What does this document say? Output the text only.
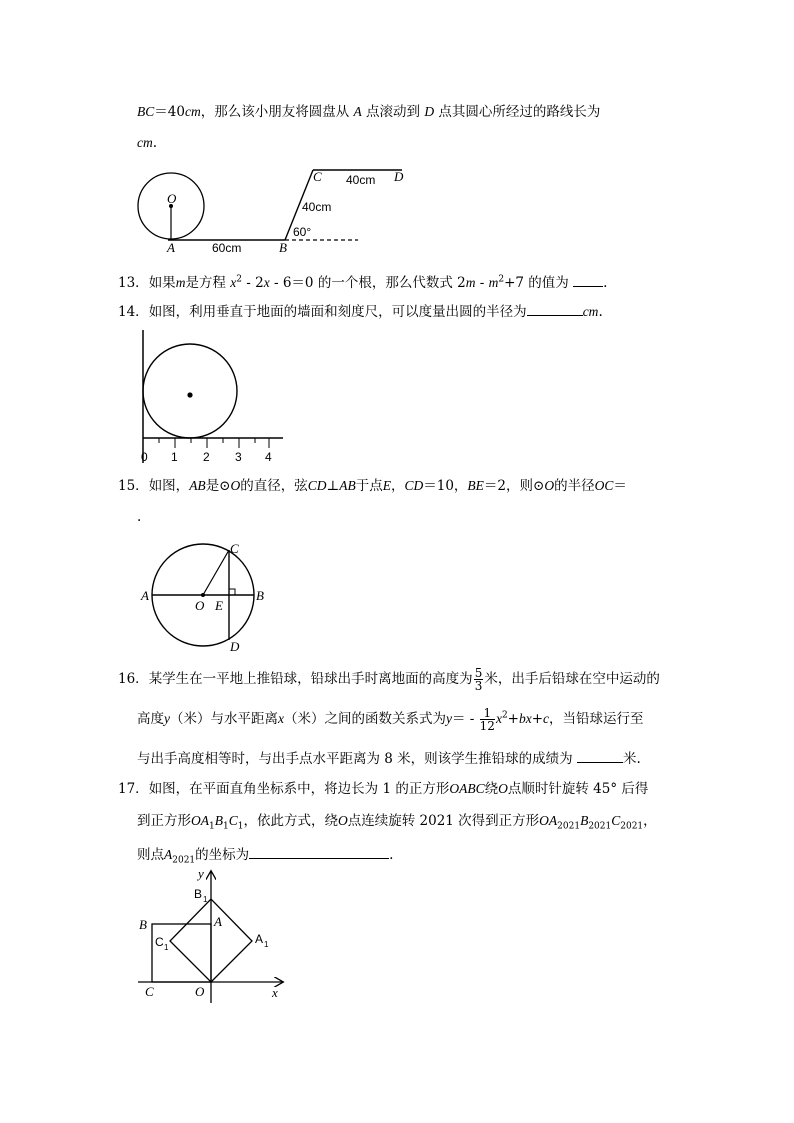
BC＝40cm，那么该小朋友将圆盘从 A 点滚动到 D 点其圆心所经过的路线长为
cm.
O
A	B
C	D
60cm
40cm
40cm
60°
13．如果m是方程 $x^2 - 2x - 6=0$ 的一个根，那么代数式 $2m - m^2+7$ 的值为	.
14．如图，利用垂直于地面的墙面和刻度尺，可以度量出圆的半径为	cm.
0 1 2 3 4
15．如图，AB是⊙O的直径，弦CD⊥AB于点E，CD＝10，BE＝2，则⊙O的半径OC＝
.
A	B
C
D
O E
16．某学生在一平地上推铅球，铅球出手时离地面的高度为 $\frac{5}{3}$ 米，出手后铅球在空中运动的
高度y（米）与水平距离x（米）之间的函数关系式为$y= - \frac{1}{12} x^2+bx+c$，当铅球运行至
与出手高度相等时，与出手点水平距离为 8 米，则该学生推铅球的成绩为	米.
17．如图，在平面直角坐标系中，将边长为 1 的正方形OABC绕O点顺时针旋转 45° 后得
到正方形$OA_1B_1C_1$，依此方式，绕O点连续旋转 2021 次得到正方形$OA_{2021}B_{2021}C_{2021}$，
则点$A_{2021}$的坐标为	.
y
x
B 1
A
B
C 1
A 1
C	O
